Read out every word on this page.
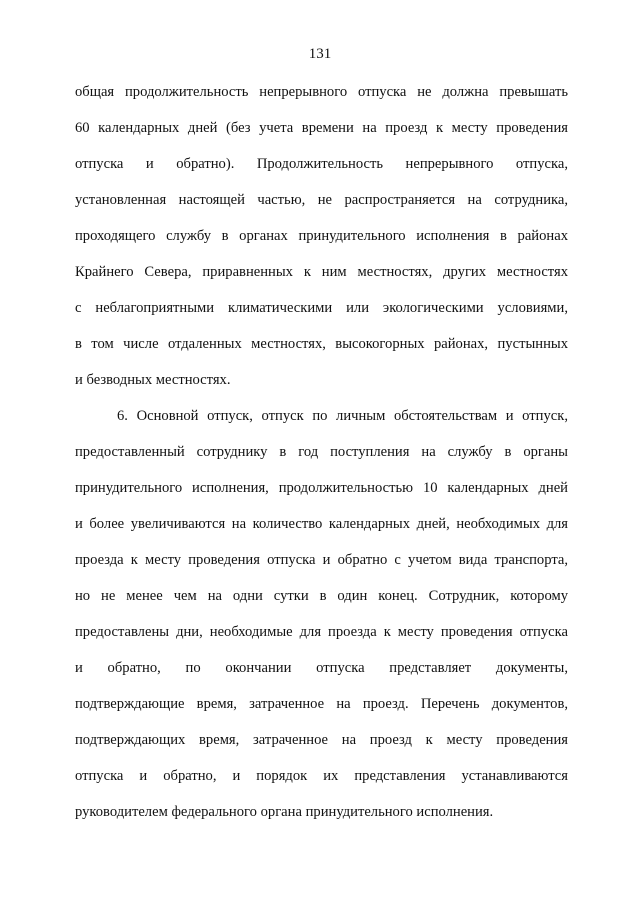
131
общая продолжительность непрерывного отпуска не должна превышать
60 календарных дней (без учета времени на проезд к месту проведения
отпуска и обратно). Продолжительность непрерывного отпуска,
установленная настоящей частью, не распространяется на сотрудника,
проходящего службу в органах принудительного исполнения в районах
Крайнего Севера, приравненных к ним местностях, других местностях
с неблагоприятными климатическими или экологическими условиями,
в том числе отдаленных местностях, высокогорных районах, пустынных
и безводных местностях.
6. Основной отпуск, отпуск по личным обстоятельствам и отпуск,
предоставленный сотруднику в год поступления на службу в органы
принудительного исполнения, продолжительностью 10 календарных дней
и более увеличиваются на количество календарных дней, необходимых для
проезда к месту проведения отпуска и обратно с учетом вида транспорта,
но не менее чем на одни сутки в один конец. Сотрудник, которому
предоставлены дни, необходимые для проезда к месту проведения отпуска
и обратно, по окончании отпуска представляет документы,
подтверждающие время, затраченное на проезд. Перечень документов,
подтверждающих время, затраченное на проезд к месту проведения
отпуска и обратно, и порядок их представления устанавливаются
руководителем федерального органа принудительного исполнения.
